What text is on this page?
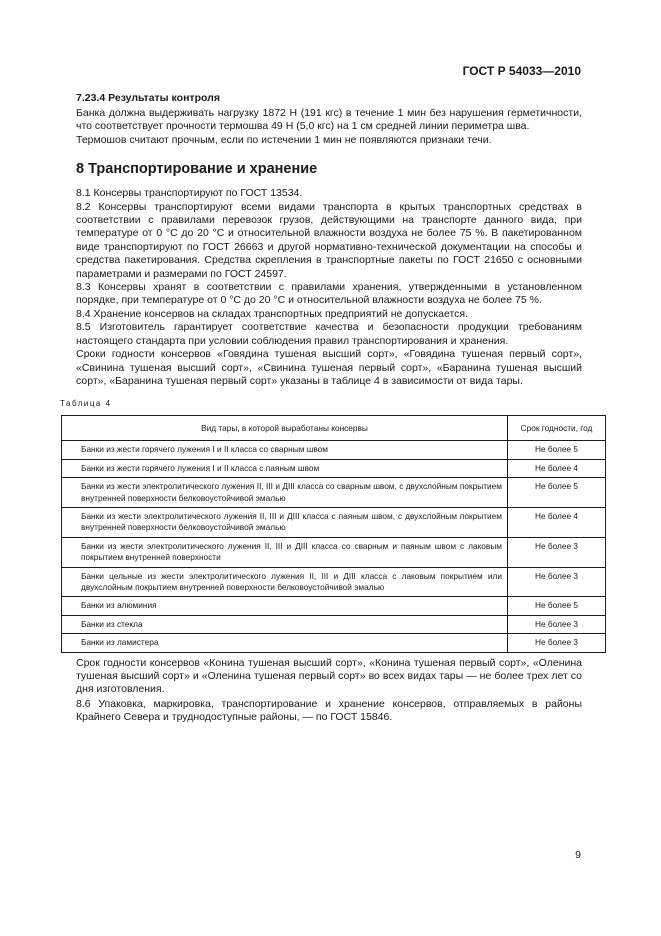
ГОСТ Р 54033—2010
7.23.4 Результаты контроля

Банка должна выдерживать нагрузку 1872 Н (191 кгс) в течение 1 мин без нарушения герметичности, что соответствует прочности термошва 49 Н (5,0 кгс) на 1 см средней линии периметра шва.

Термошов считают прочным, если по истечении 1 мин не появляются признаки течи.

8 Транспортирование и хранение

8.1 Консервы транспортируют по ГОСТ 13534.

8.2 Консервы транспортируют всеми видами транспорта в крытых транспортных средствах в соответствии с правилами перевозок грузов, действующими на транспорте данного вида, при температуре от 0 °С до 20 °С и относительной влажности воздуха не более 75 %. В пакетированном виде транспортируют по ГОСТ 26663 и другой нормативно-технической документации на способы и средства пакетирования. Средства скрепления в транспортные пакеты по ГОСТ 21650 с основными параметрами и размерами по ГОСТ 24597.

8.3 Консервы хранят в соответствии с правилами хранения, утвержденными в установленном порядке, при температуре от 0 °С до 20 °С и относительной влажности воздуха не более 75 %.

8.4 Хранение консервов на складах транспортных предприятий не допускается.

8.5 Изготовитель гарантирует соответствие качества и безопасности продукции требованиям настоящего стандарта при условии соблюдения правил транспортирования и хранения.

Сроки годности консервов «Говядина тушеная высший сорт», «Говядина тушеная первый сорт», «Свинина тушеная высший сорт», «Свинина тушеная первый сорт», «Баранина тушеная высший сорт», «Баранина тушеная первый сорт» указаны в таблице 4 в зависимости от вида тары.

Таблица 4
Вид тары, в которой выработаны консервы	Срок годности, год
Банки из жести горячего лужения I и II класса со сварным швом	Не более 5
Банки из жести горячего лужения I и II класса с паяным швом	Не более 4
Банки из жести электролитического лужения II, III и ДIII класса со сварным швом, с двухслойным покрытием внутренней поверхности белковоустойчивой эмалью	Не более 5
Банки из жести электролитического лужения II, III и ДIII класса с паяным швом, с двухслойным покрытием внутренней поверхности белковоустойчивой эмалью	Не более 4
Банки из жести электролитического лужения II, III и ДIII класса со сварным и паяным швом с лаковым покрытием внутренней поверхности	Не более 3
Банки цельные из жести электролитического лужения II, III и ДIII класса с лаковым покрытием или двухслойным покрытием внутренней поверхности белковоустойчивой эмалью	Не более 3
Банки из алюминия	Не более 5
Банки из стекла	Не более 3
Банки из ламистера	Не более 3

Срок годности консервов «Конина тушеная высший сорт», «Конина тушеная первый сорт», «Оленина тушеная высший сорт» и «Оленина тушеная первый сорт» во всех видах тары — не более трех лет со дня изготовления.

8.6 Упаковка, маркировка, транспортирование и хранение консервов, отправляемых в районы Крайнего Севера и труднодоступные районы, — по ГОСТ 15846.

9
